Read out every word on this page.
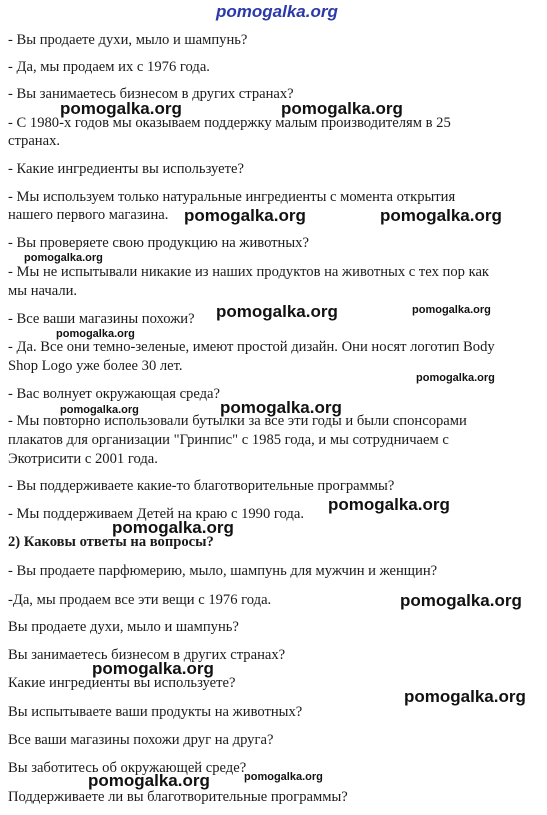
- Вы продаете духи, мыло и шампунь?

- Да, мы продаем их с 1976 года.

- Вы занимаетесь бизнесом в других странах?

- С 1980-х годов мы оказываем поддержку малым производителям в 25

странах.

- Какие ингредиенты вы используете?

- Мы используем только натуральные ингредиенты с момента открытия

нашего первого магазина.

- Вы проверяете свою продукцию на животных?

- Мы не испытывали никакие из наших продуктов на животных с тех пор как

мы начали.

- Все ваши магазины похожи?

- Да. Все они темно-зеленые, имеют простой дизайн. Они носят логотип Body

Shop Logo уже более 30 лет.

- Вас волнует окружающая среда?

- Мы повторно использовали бутылки за все эти годы и были спонсорами

плакатов для организации "Гринпис" с 1985 года, и мы сотрудничаем с

Экотрисити с 2001 года.

- Вы поддерживаете какие-то благотворительные программы?

- Мы поддерживаем Детей на краю с 1990 года.

2) Каковы ответы на вопросы?

- Вы продаете парфюмерию, мыло, шампунь для мужчин и женщин?

-Да, мы продаем все эти вещи с 1976 года.

Вы продаете духи, мыло и шампунь?

Вы занимаетесь бизнесом в других странах?

Какие ингредиенты вы используете?

Вы испытываете ваши продукты на животных?

Все ваши магазины похожи друг на друга?

Вы заботитесь об окружающей среде?

Поддерживаете ли вы благотворительные программы?

pomogalka.org
pomogalka.org	pomogalka.org
pomogalka.org	pomogalka.org
pomogalka.org
pomogalka.org	pomogalka.org
pomogalka.org
pomogalka.org
pomogalka.org	pomogalka.org
pomogalka.org
pomogalka.org
pomogalka.org
pomogalka.org
pomogalka.org
pomogalka.org	pomogalka.org
